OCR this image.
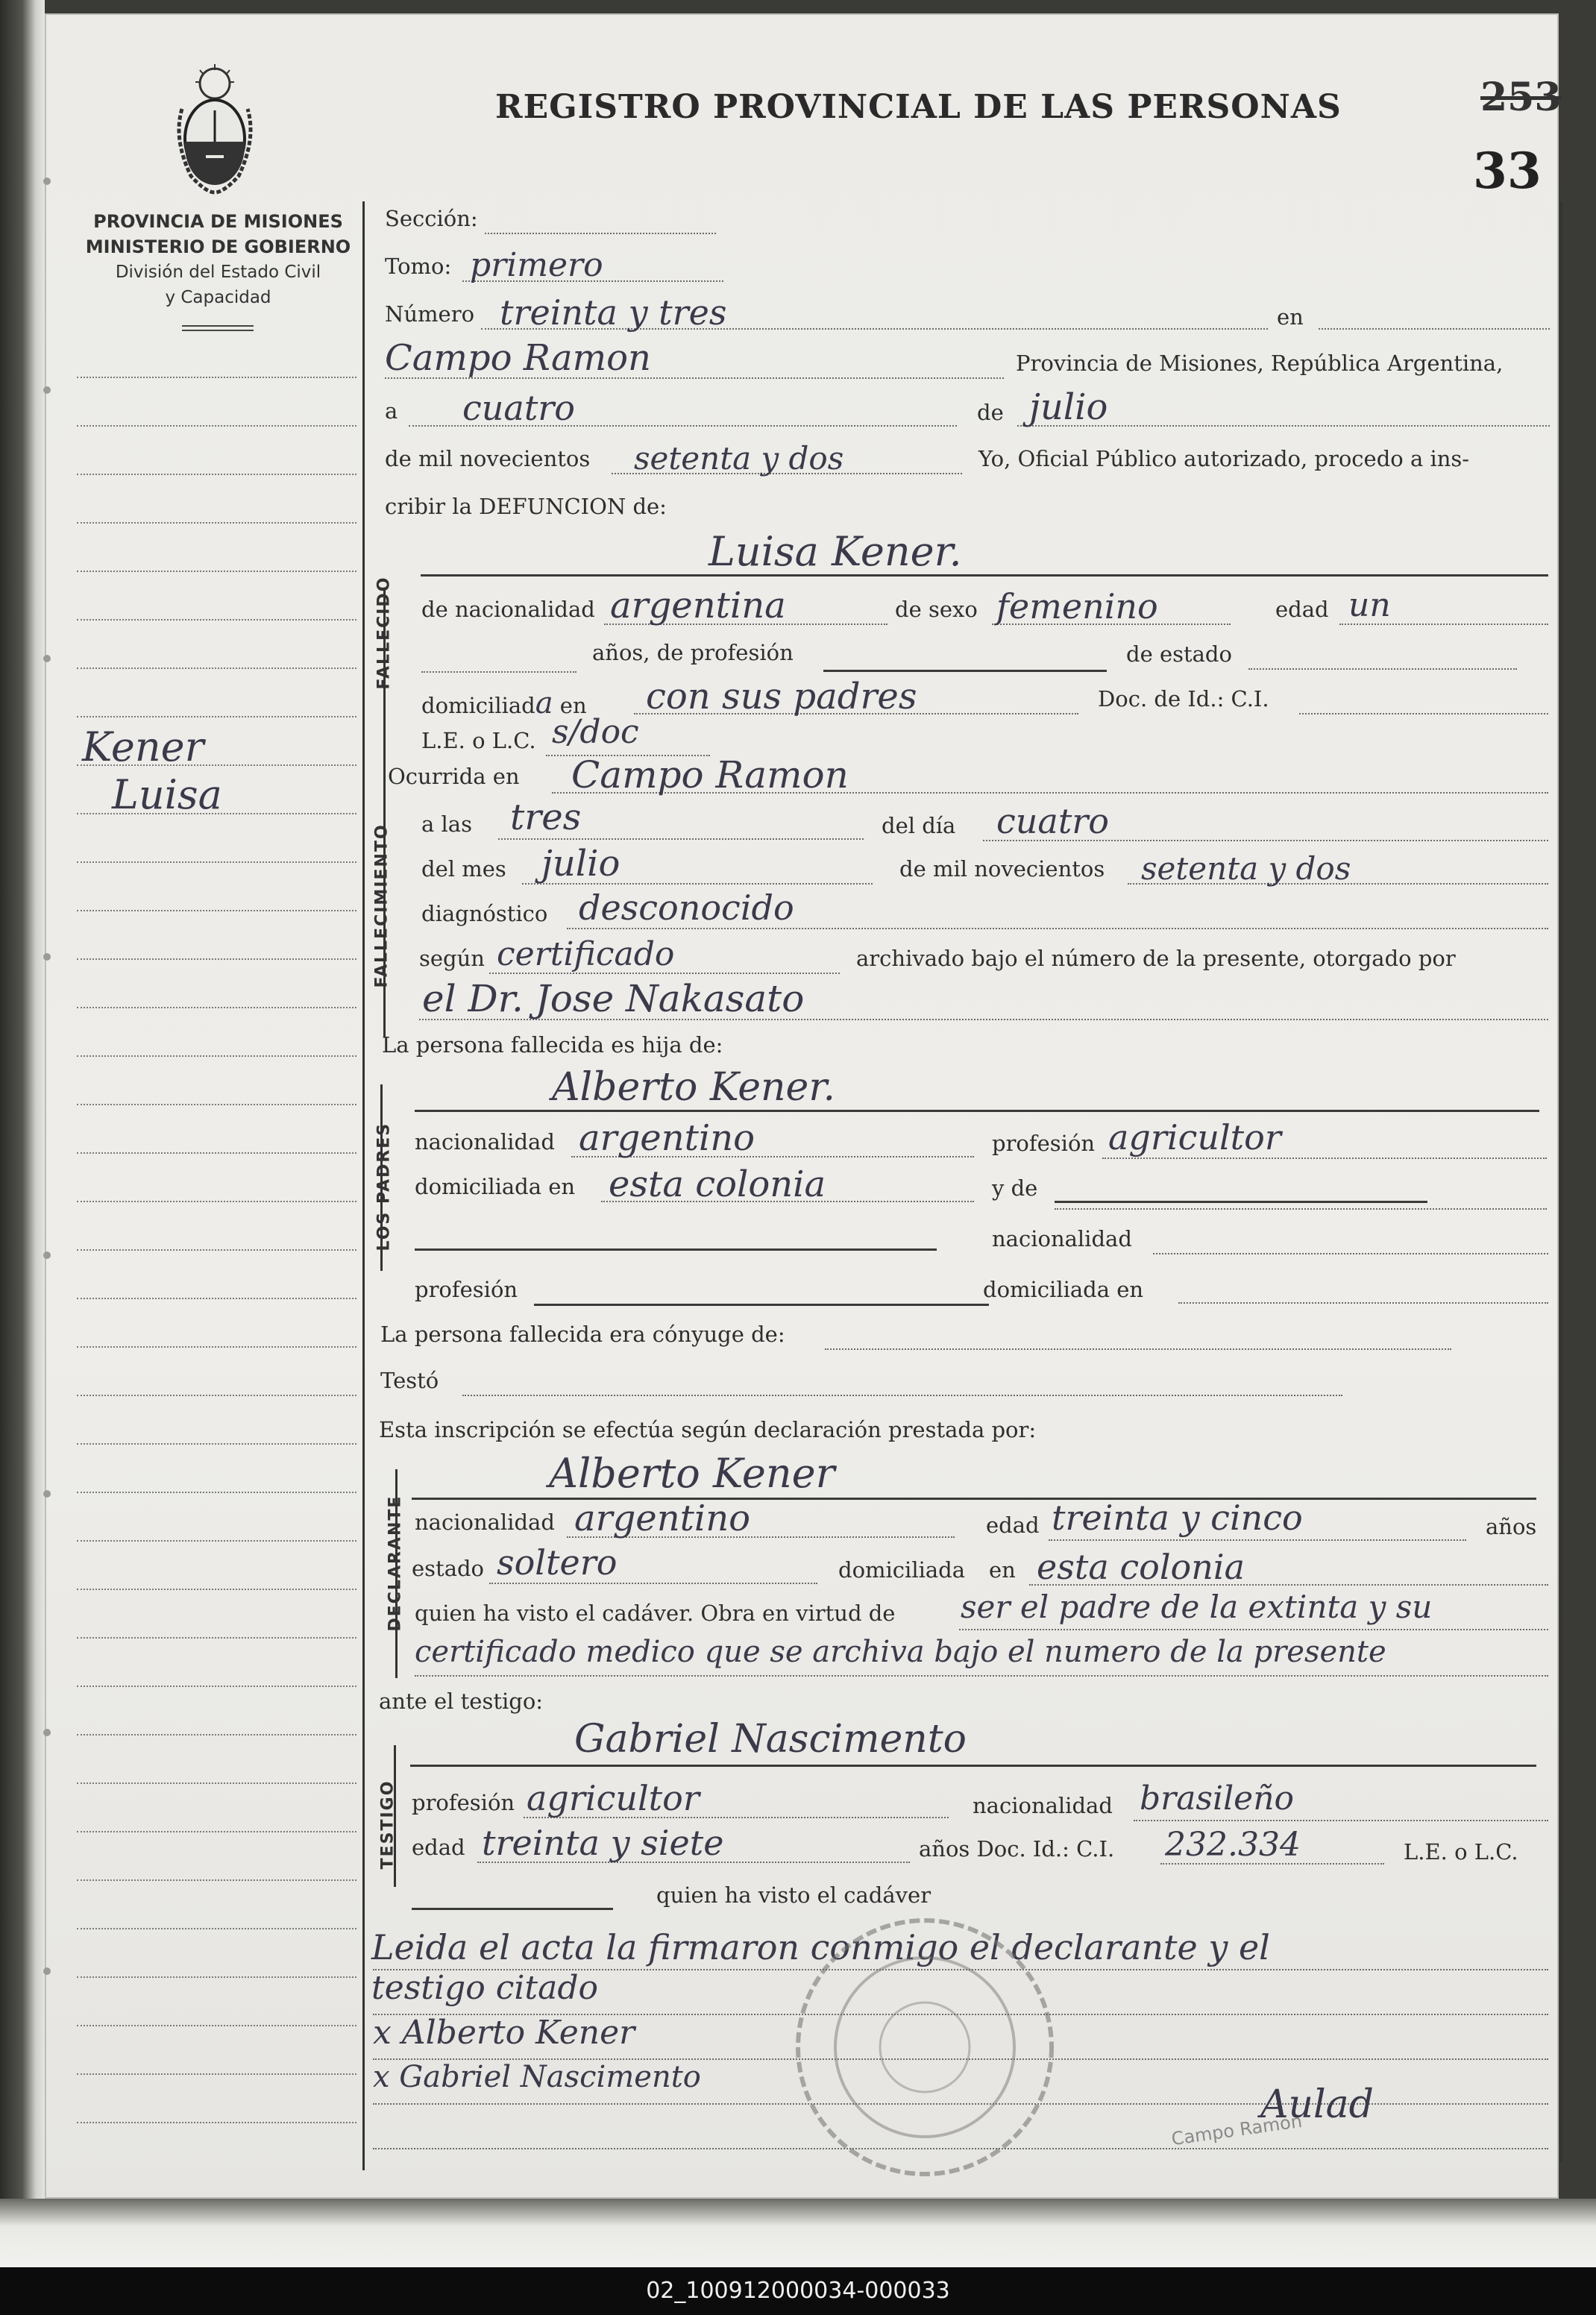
PROVINCIA DE MISIONES
MINISTERIO DE GOBIERNO
División del Estado Civil
y Capacidad
Kener
Luisa
REGISTRO PROVINCIAL DE LAS PERSONAS	253
33
Sección:
Tomo: primero
Número treinta y tres	en
Campo Ramon	Provincia de Misiones, República Argentina,
a cuatro	de julio
de mil novecientos setenta y dos	Yo, Oficial Público autorizado, procedo a ins-
cribir la DEFUNCION de:
FALLECIDO
Luisa Kener.
de nacionalidad argentina	de sexo femenino	edad un
años, de profesión	de estado
domiciliada en con sus padres	Doc. de Id.: C.I.
L.E. o L.C. s/doc
Ocurrida en Campo Ramon
FALLECIMIENTO a las tres	del día cuatro
del mes julio	de mil novecientos setenta y dos
diagnóstico desconocido
según certificado	archivado bajo el número de la presente, otorgado por
el Dr. Jose Nakasato
La persona fallecida es hija de:
LOS PADRES
Alberto Kener.
nacionalidad argentino	profesión agricultor
domiciliada en esta colonia	y de
nacionalidad
profesión	domiciliada en
La persona fallecida era cónyuge de:
Testó
Esta inscripción se efectúa según declaración prestada por:
DECLARANTE
Alberto Kener
nacionalidad argentino	edad treinta y cinco	años
estado soltero	domiciliada en esta colonia
quien ha visto el cadáver. Obra en virtud de ser el padre de la extinta y su
certificado medico que se archiva bajo el numero de la presente
ante el testigo:
TESTIGO
Gabriel Nascimento
profesión agricultor	nacionalidad brasileño
edad treinta y siete	años Doc. Id.: C.I. 232.334	L.E. o L.C.
quien ha visto el cadáver
Leida el acta la firmaron conmigo el declarante y el
testigo citado
x Alberto Kener
x Gabriel Nascimento
Aulad
Campo Ramon
02_100912000034-000033
